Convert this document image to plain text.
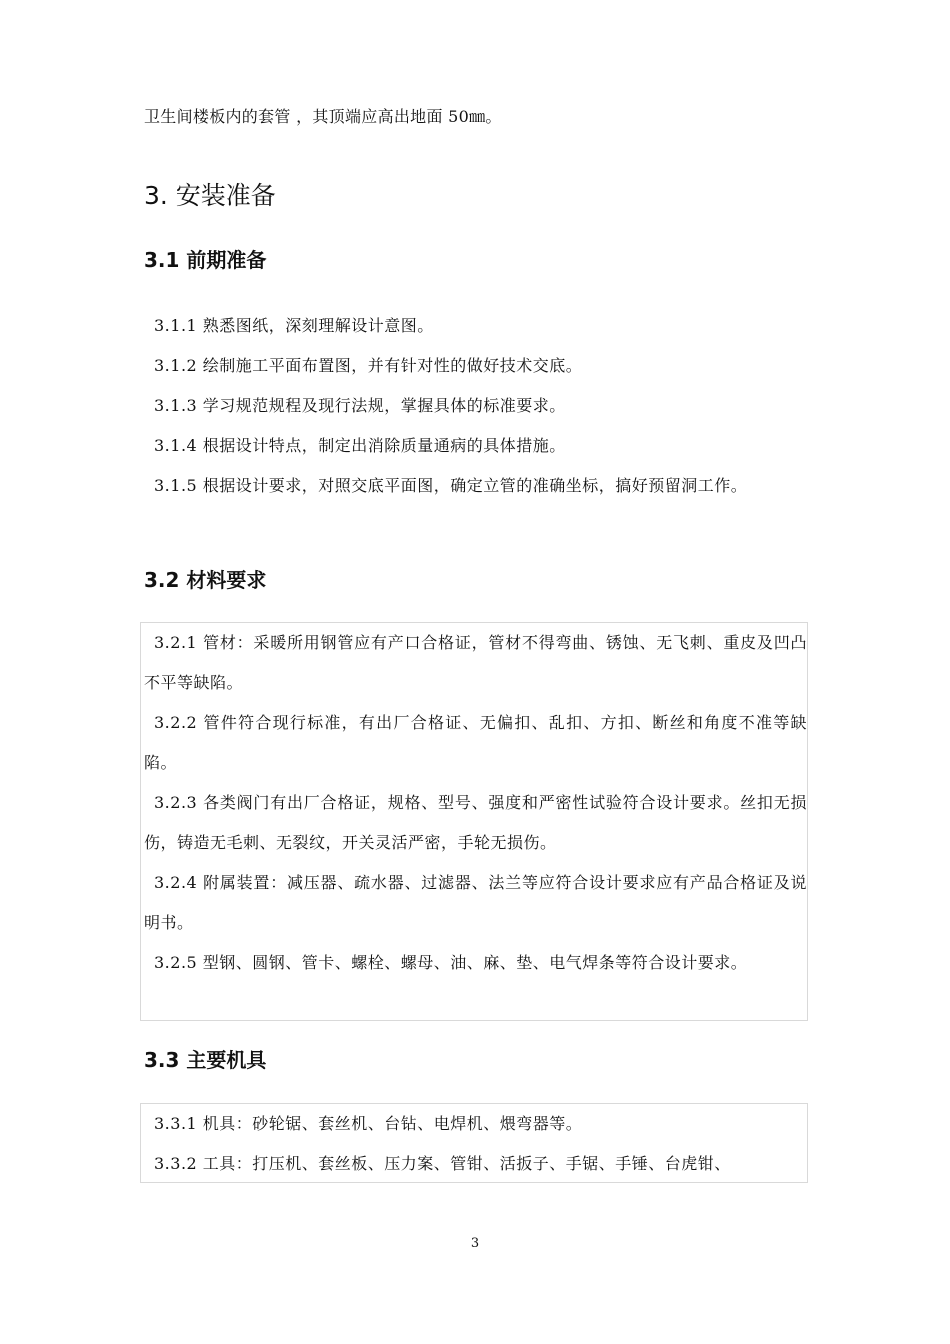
卫生间楼板内的套管 ，其顶端应高出地面 50㎜。
3. 安装准备
3.1 前期准备

3.1.1 熟悉图纸，深刻理解设计意图。

3.1.2 绘制施工平面布置图，并有针对性的做好技术交底。

3.1.3 学习规范规程及现行法规，掌握具体的标准要求。

3.1.4 根据设计特点，制定出消除质量通病的具体措施。

3.1.5 根据设计要求，对照交底平面图，确定立管的准确坐标，搞好预留洞工作。

3.2 材料要求

3.2.1 管材：采暖所用钢管应有产口合格证，管材不得弯曲、锈蚀、无飞刺、重皮及凹凸不平等缺陷。

3.2.2 管件符合现行标准，有出厂合格证、无偏扣、乱扣、方扣、断丝和角度不准等缺陷。

3.2.3 各类阀门有出厂合格证，规格、型号、强度和严密性试验符合设计要求。丝扣无损伤，铸造无毛刺、无裂纹，开关灵活严密，手轮无损伤。

3.2.4 附属装置：减压器、疏水器、过滤器、法兰等应符合设计要求应有产品合格证及说明书。

3.2.5 型钢、圆钢、管卡、螺栓、螺母、油、麻、垫、电气焊条等符合设计要求。

3.3 主要机具

3.3.1 机具：砂轮锯、套丝机、台钻、电焊机、煨弯器等。

3.3.2 工具：打压机、套丝板、压力案、管钳、活扳子、手锯、手锤、台虎钳、

3
